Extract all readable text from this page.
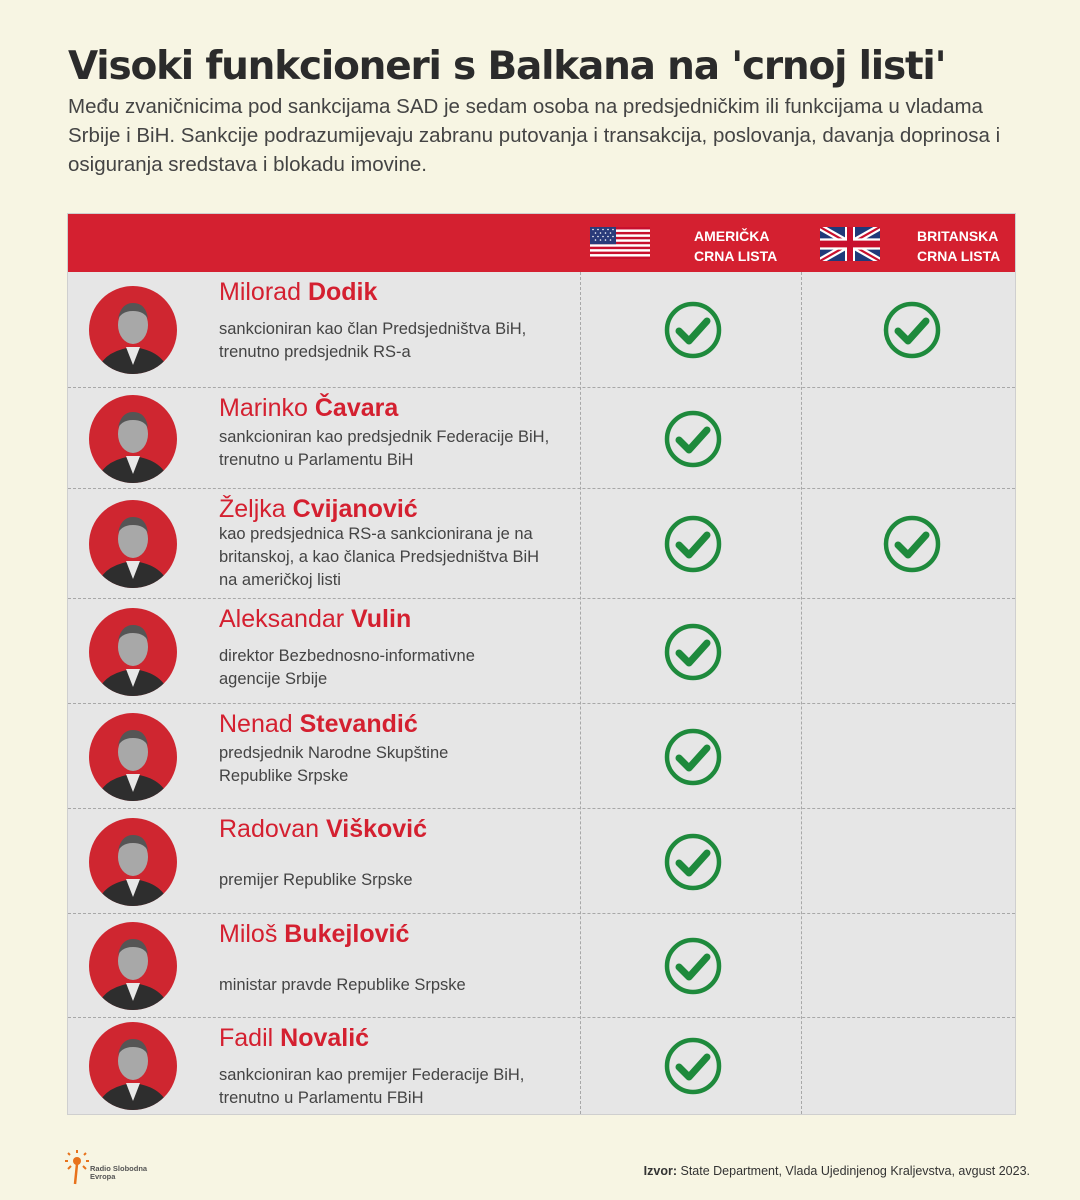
Visoki funkcioneri s Balkana na 'crnoj listi'
Među zvaničnicima pod sankcijama SAD je sedam osoba na predsjedničkim ili funkcijama u vladama Srbije i BiH. Sankcije podrazumijevaju zabranu putovanja i transakcija, poslovanja, davanja doprinosa i osiguranja sredstava i blokadu imovine.
AMERIČKA
CRNA LISTA
BRITANSKA
CRNA LISTA
Milorad Dodik
sankcioniran kao član Predsjedništva BiH,
trenutno predsjednik RS-a
Marinko Čavara
sankcioniran kao predsjednik Federacije BiH,
trenutno u Parlamentu BiH
Željka Cvijanović
kao predsjednica RS-a sankcionirana je na
britanskoj, a kao članica Predsjedništva BiH
na američkoj listi
Aleksandar Vulin
direktor Bezbednosno-informativne
agencije Srbije
Nenad Stevandić
predsjednik Narodne Skupštine
Republike Srpske
Radovan Višković
premijer Republike Srpske
Miloš Bukejlović
ministar pravde Republike Srpske
Fadil Novalić
sankcioniran kao premijer Federacije BiH,
trenutno u Parlamentu FBiH
Radio Slobodna
Evropa	Izvor: State Department, Vlada Ujedinjenog Kraljevstva, avgust 2023.
